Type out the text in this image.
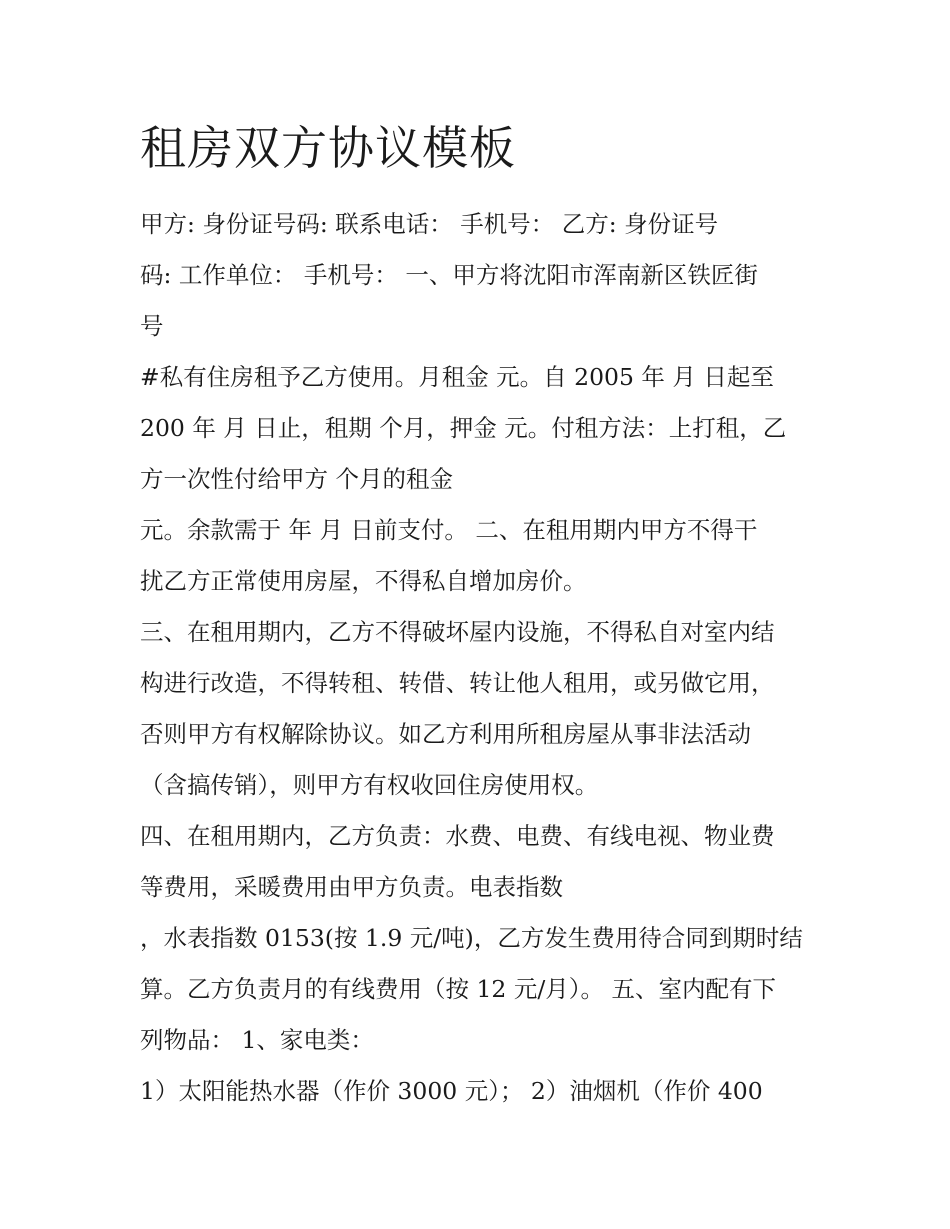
租房双方协议模板
甲方: 身份证号码: 联系电话： 手机号： 乙方: 身份证号
码: 工作单位： 手机号： 一、甲方将沈阳市浑南新区铁匠街
号
#私有住房租予乙方使用。月租金 元。自 2005 年 月 日起至
200 年 月 日止，租期 个月，押金 元。付租方法：上打租，乙
方一次性付给甲方 个月的租金
元。余款需于 年 月 日前支付。 二、在租用期内甲方不得干
扰乙方正常使用房屋，不得私自增加房价。
三、在租用期内，乙方不得破坏屋内设施，不得私自对室内结
构进行改造，不得转租、转借、转让他人租用，或另做它用，
否则甲方有权解除协议。如乙方利用所租房屋从事非法活动
（含搞传销），则甲方有权收回住房使用权。
四、在租用期内，乙方负责：水费、电费、有线电视、物业费
等费用，采暖费用由甲方负责。电表指数
，水表指数 0153(按 1.9 元/吨)，乙方发生费用待合同到期时结
算。乙方负责月的有线费用（按 12 元/月）。 五、室内配有下
列物品： 1、家电类：
1）太阳能热水器（作价 3000 元）； 2）油烟机（作价 400
